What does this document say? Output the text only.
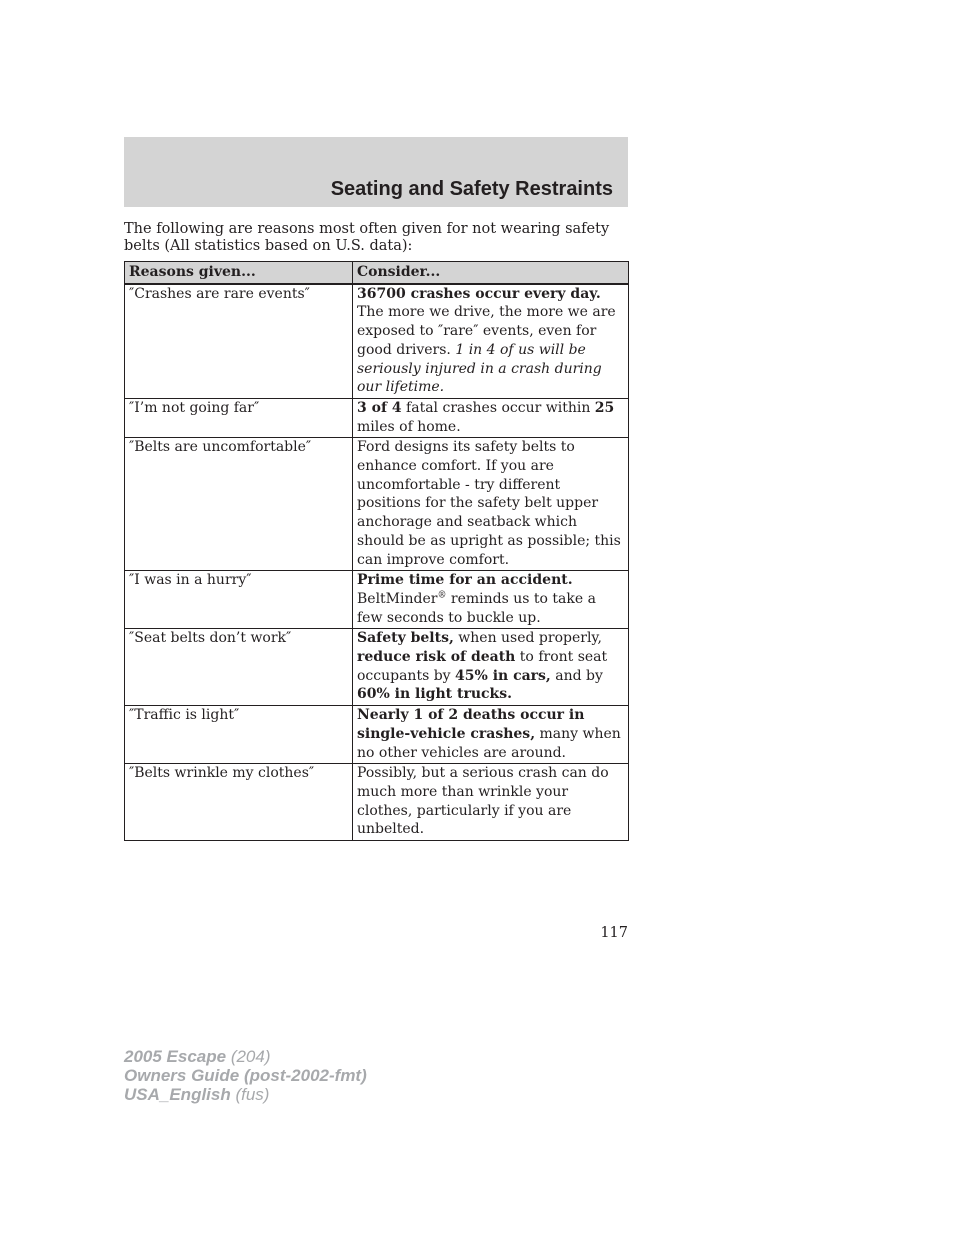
Seating and Safety Restraints

The following are reasons most often given for not wearing safety belts (All statistics based on U.S. data):

Reasons given...	Consider...
″Crashes are rare events″	36700 crashes occur every day. The more we drive, the more we are exposed to ″rare″ events, even for good drivers. 1 in 4 of us will be seriously injured in a crash during our lifetime.
″I’m not going far″	3 of 4 fatal crashes occur within 25 miles of home.
″Belts are uncomfortable″	Ford designs its safety belts to enhance comfort. If you are uncomfortable - try different positions for the safety belt upper anchorage and seatback which should be as upright as possible; this can improve comfort.
″I was in a hurry″	Prime time for an accident. BeltMinder® reminds us to take a few seconds to buckle up.
″Seat belts don’t work″	Safety belts, when used properly, reduce risk of death to front seat occupants by 45% in cars, and by 60% in light trucks.
″Traffic is light″	Nearly 1 of 2 deaths occur in single-vehicle crashes, many when no other vehicles are around.
″Belts wrinkle my clothes″	Possibly, but a serious crash can do much more than wrinkle your clothes, particularly if you are unbelted.

117

2005 Escape (204)
Owners Guide (post-2002-fmt)
USA_English (fus)
